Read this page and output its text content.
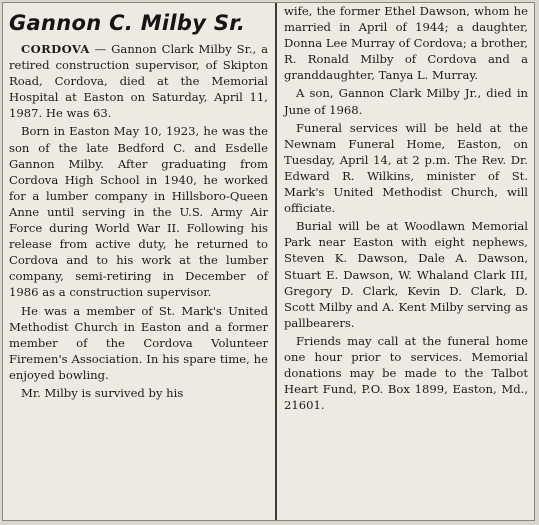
Gannon C. Milby Sr.

CORDOVA — Gannon Clark Milby Sr., a retired construction supervisor, of Skipton Road, Cordova, died at the Memorial Hospital at Easton on Saturday, April 11, 1987. He was 63.

Born in Easton May 10, 1923, he was the son of the late Bedford C. and Esdelle Gannon Milby. After graduating from Cordova High School in 1940, he worked for a lumber company in Hillsboro-Queen Anne until serving in the U.S. Army Air Force during World War II. Following his release from active duty, he returned to Cordova and to his work at the lumber company, semi-retiring in December of 1986 as a construction supervisor.

He was a member of St. Mark's United Methodist Church in Easton and a former member of the Cordova Volunteer Firemen's Association. In his spare time, he enjoyed bowling.

Mr. Milby is survived by his

wife, the former Ethel Dawson, whom he married in April of 1944; a daughter, Donna Lee Murray of Cordova; a brother, R. Ronald Milby of Cordova and a granddaughter, Tanya L. Murray.

A son, Gannon Clark Milby Jr., died in June of 1968.

Funeral services will be held at the Newnam Funeral Home, Easton, on Tuesday, April 14, at 2 p.m. The Rev. Dr. Edward R. Wilkins, minister of St. Mark's United Methodist Church, will officiate.

Burial will be at Woodlawn Memorial Park near Easton with eight nephews, Steven K. Dawson, Dale A. Dawson, Stuart E. Dawson, W. Whaland Clark III, Gregory D. Clark, Kevin D. Clark, D. Scott Milby and A. Kent Milby serving as pallbearers.

Friends may call at the funeral home one hour prior to services. Memorial donations may be made to the Talbot Heart Fund, P.O. Box 1899, Easton, Md., 21601.
